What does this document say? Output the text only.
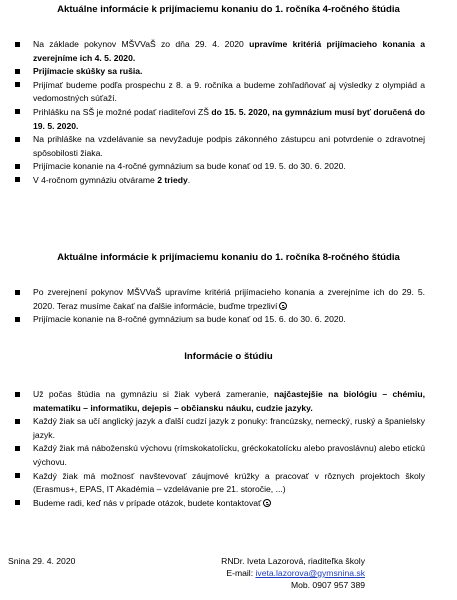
Aktuálne informácie k prijímaciemu konaniu do 1. ročníka 4-ročného štúdia
Na základe pokynov MŠVVaŠ zo dňa 29. 4. 2020 upravíme kritériá prijímacieho konania a zverejníme ich 4. 5. 2020.
Prijímacie skúšky sa rušia.
Prijímať budeme podľa prospechu z 8. a 9. ročníka a budeme zohľadňovať aj výsledky z olympiád a vedomostných súťaží.
Prihlášku na SŠ je možné podať riaditeľovi ZŠ do 15. 5. 2020, na gymnázium musí byť doručená do 19. 5. 2020.
Na prihláške na vzdelávanie sa nevyžaduje podpis zákonného zástupcu ani potvrdenie o zdravotnej spôsobilosti žiaka.
Prijímacie konanie na 4-ročné gymnázium sa bude konať od 19. 5. do 30. 6. 2020.
V 4-ročnom gymnáziu otvárame 2 triedy.
Aktuálne informácie k prijímaciemu konaniu do 1. ročníka 8-ročného štúdia
Po zverejnení pokynov MŠVVaŠ upravíme kritériá prijímacieho konania a zverejníme ich do 29. 5. 2020. Teraz musíme čakať na ďalšie informácie, buďme trpezliví
Prijímacie konanie na 8-ročné gymnázium sa bude konať od 15. 6. do 30. 6. 2020.
Informácie o štúdiu
Už počas štúdia na gymnáziu si žiak vyberá zameranie, najčastejšie na biológiu – chémiu, matematiku – informatiku, dejepis – občiansku náuku, cudzie jazyky.
Každý žiak sa učí anglický jazyk a ďalší cudzí jazyk z ponuky: francúzsky, nemecký, ruský a španielsky jazyk.
Každý žiak má náboženskú výchovu (rímskokatolícku, gréckokatolícku alebo pravoslávnu) alebo etickú výchovu.
Každý žiak má možnosť navštevovať záujmové krúžky a pracovať v rôznych projektoch školy (Erasmus+, EPAS, IT Akadémia – vzdelávanie pre 21. storočie, ...)
Budeme radi, keď nás v prípade otázok, budete kontaktovať
Snina 29. 4. 2020	RNDr. Iveta Lazorová, riaditeľka školy
E-mail: iveta.lazorova@gymsnina.sk
Mob. 0907 957 389
